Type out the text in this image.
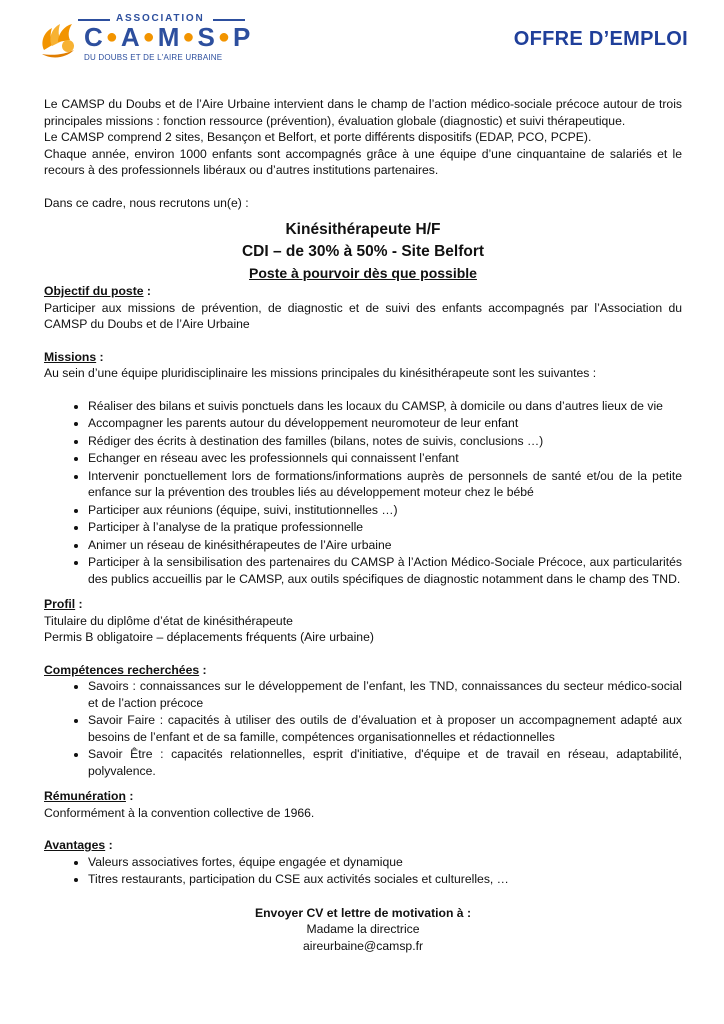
ASSOCIATION
C ●A ●M ●S ●P
DU DOUBS ET DE L'AIRE URBAINE
OFFRE D’EMPLOI

Le CAMSP du Doubs et de l’Aire Urbaine intervient dans le champ de l’action médico-sociale précoce autour de trois principales missions : fonction ressource (prévention), évaluation globale (diagnostic) et suivi thérapeutique.

Le CAMSP comprend 2 sites, Besançon et Belfort, et porte différents dispositifs (EDAP, PCO, PCPE).

Chaque année, environ 1000 enfants sont accompagnés grâce à une équipe d’une cinquantaine de salariés et le recours à des professionnels libéraux ou d’autres institutions partenaires.

Dans ce cadre, nous recrutons un(e) :

Kinésithérapeute H/F
CDI – de 30% à 50% - Site Belfort
Poste à pourvoir dès que possible

Objectif du poste :

Participer aux missions de prévention, de diagnostic et de suivi des enfants accompagnés par l’Association du CAMSP du Doubs et de l’Aire Urbaine

Missions :

Au sein d’une équipe pluridisciplinaire les missions principales du kinésithérapeute sont les suivantes :

• Réaliser des bilans et suivis ponctuels dans les locaux du CAMSP, à domicile ou dans d’autres lieux de vie
• Accompagner les parents autour du développement neuromoteur de leur enfant
• Rédiger des écrits à destination des familles (bilans, notes de suivis, conclusions …)
• Echanger en réseau avec les professionnels qui connaissent l’enfant
• Intervenir ponctuellement lors de formations/informations auprès de personnels de santé et/ou de la petite enfance sur la prévention des troubles liés au développement moteur chez le bébé
• Participer aux réunions (équipe, suivi, institutionnelles …)
• Participer à l’analyse de la pratique professionnelle
• Animer un réseau de kinésithérapeutes de l’Aire urbaine
• Participer à la sensibilisation des partenaires du CAMSP à l’Action Médico-Sociale Précoce, aux particularités des publics accueillis par le CAMSP, aux outils spécifiques de diagnostic notamment dans le champ des TND.

Profil :

Titulaire du diplôme d’état de kinésithérapeute

Permis B obligatoire – déplacements fréquents (Aire urbaine)

Compétences recherchées :

• Savoirs : connaissances sur le développement de l’enfant, les TND, connaissances du secteur médico-social et de l’action précoce
• Savoir Faire : capacités à utiliser des outils de d’évaluation et à proposer un accompagnement adapté aux besoins de l’enfant et de sa famille, compétences organisationnelles et rédactionnelles
• Savoir Être : capacités relationnelles, esprit d'initiative, d'équipe et de travail en réseau, adaptabilité, polyvalence.

Rémunération :

Conformément à la convention collective de 1966.

Avantages :

• Valeurs associatives fortes, équipe engagée et dynamique
• Titres restaurants, participation du CSE aux activités sociales et culturelles, …
Envoyer CV et lettre de motivation à :

Madame la directrice

aireurbaine@camsp.fr
